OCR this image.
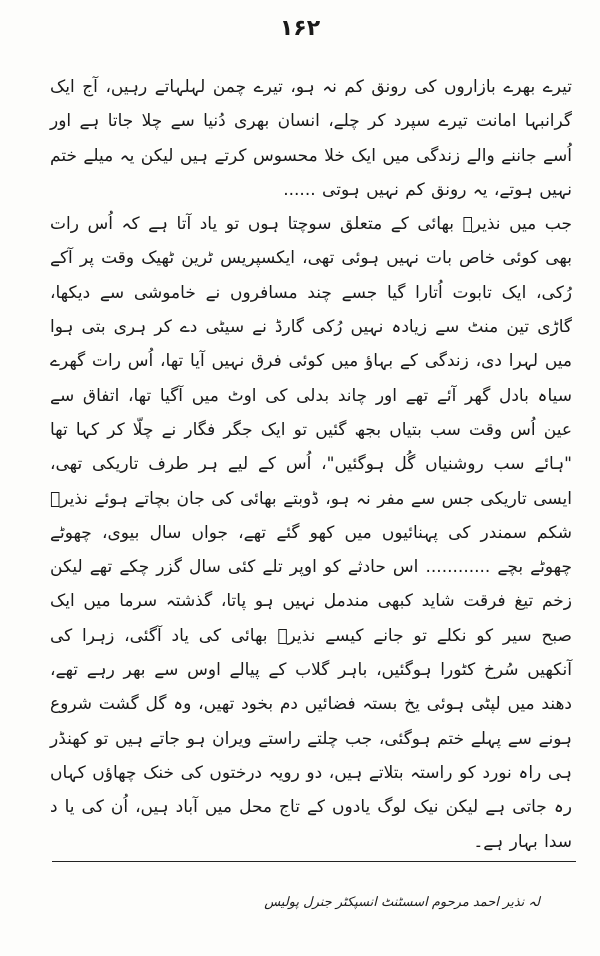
۱۶۲

تیرے بھرے بازاروں کی رونق کم نہ ہو، تیرے چمن لہلہاتے رہیں، آج ایک گرانبہا امانت تیرے سپرد کر چلے، انسان بھری دُنیا سے چلا جاتا ہے اور اُسے جاننے والے زندگی میں ایک خلا محسوس کرتے ہیں لیکن یہ میلے ختم نہیں ہوتے، یہ رونق کم نہیں ہوتی ......

جب میں نذیرؔ بھائی کے متعلق سوچتا ہوں تو یاد آتا ہے کہ اُس رات بھی کوئی خاص بات نہیں ہوئی تھی، ایکسپریس ٹرین ٹھیک وقت پر آکے رُکی، ایک تابوت اُتارا گیا جسے چند مسافروں نے خاموشی سے دیکھا، گاڑی تین منٹ سے زیادہ نہیں رُکی گارڈ نے سیٹی دے کر ہری بتی ہوا میں لہرا دی، زندگی کے بہاؤ میں کوئی فرق نہیں آیا تھا، اُس رات گھرے سیاہ بادل گھر آئے تھے اور چاند بدلی کی اوٹ میں آگیا تھا، اتفاق سے عین اُس وقت سب بتیاں بجھ گئیں تو ایک جگر فگار نے چلّا کر کہا تھا "ہائے سب روشنیاں گُل ہوگئیں"، اُس کے لیے ہر طرف تاریکی تھی، ایسی تاریکی جس سے مفر نہ ہو، ڈوبتے بھائی کی جان بچاتے ہوئے نذیرؔ شکم سمندر کی پہنائیوں میں کھو گئے تھے، جواں سال بیوی، چھوٹے چھوٹے بچے ............ اس حادثے کو اوپر تلے کئی سال گزر چکے تھے لیکن زخم تیغ فرقت شاید کبھی مندمل نہیں ہو پاتا، گذشتہ سرما میں ایک صبح سیر کو نکلے تو جانے کیسے نذیرؔ بھائی کی یاد آگئی، زہرا کی آنکھیں سُرخ کٹورا ہوگئیں، باہر گلاب کے پیالے اوس سے بھر رہے تھے، دھند میں لپٹی ہوئی یخ بستہ فضائیں دم بخود تھیں، وہ گل گشت شروع ہونے سے پہلے ختم ہوگئی، جب چلتے راستے ویران ہو جاتے ہیں تو کھنڈر ہی راہ نورد کو راستہ بتلاتے ہیں، دو رویہ درختوں کی خنک چھاؤں کہاں رہ جاتی ہے لیکن نیک لوگ یادوں کے تاج محل میں آباد ہیں، اُن کی یا د سدا بہار ہے۔

لہ نذیر احمد مرحوم اسسٹنٹ انسپکٹر جنرل پولیس
